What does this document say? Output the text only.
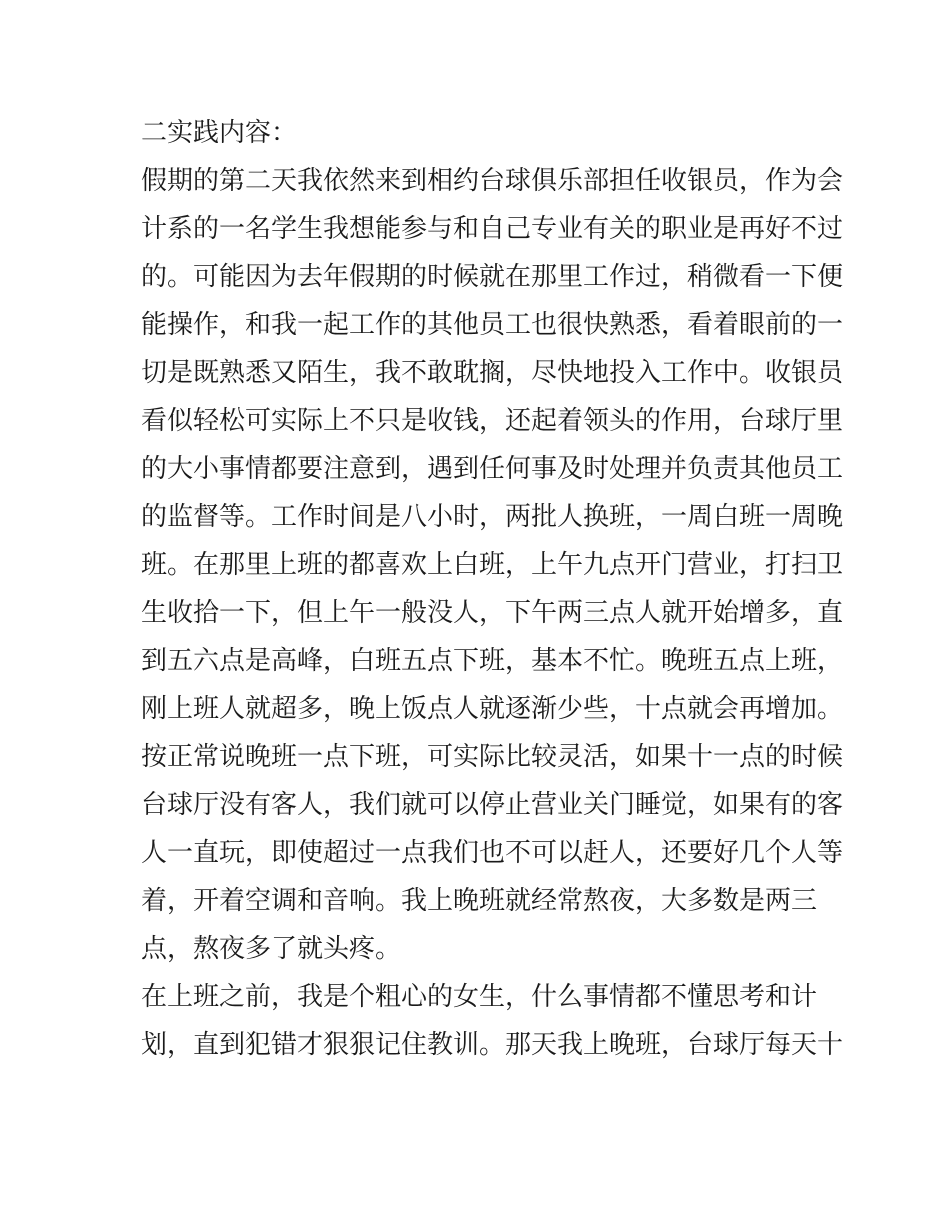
二实践内容：
假期的第二天我依然来到相约台球俱乐部担任收银员，作为会
计系的一名学生我想能参与和自己专业有关的职业是再好不过
的。可能因为去年假期的时候就在那里工作过，稍微看一下便
能操作，和我一起工作的其他员工也很快熟悉，看着眼前的一
切是既熟悉又陌生，我不敢耽搁，尽快地投入工作中。收银员
看似轻松可实际上不只是收钱，还起着领头的作用，台球厅里
的大小事情都要注意到，遇到任何事及时处理并负责其他员工
的监督等。工作时间是八小时，两批人换班，一周白班一周晚
班。在那里上班的都喜欢上白班，上午九点开门营业，打扫卫
生收拾一下，但上午一般没人，下午两三点人就开始增多，直
到五六点是高峰，白班五点下班，基本不忙。晚班五点上班，
刚上班人就超多，晚上饭点人就逐渐少些，十点就会再增加。
按正常说晚班一点下班，可实际比较灵活，如果十一点的时候
台球厅没有客人，我们就可以停止营业关门睡觉，如果有的客
人一直玩，即使超过一点我们也不可以赶人，还要好几个人等
着，开着空调和音响。我上晚班就经常熬夜，大多数是两三
点，熬夜多了就头疼。
在上班之前，我是个粗心的女生，什么事情都不懂思考和计
划，直到犯错才狠狠记住教训。那天我上晚班，台球厅每天十
